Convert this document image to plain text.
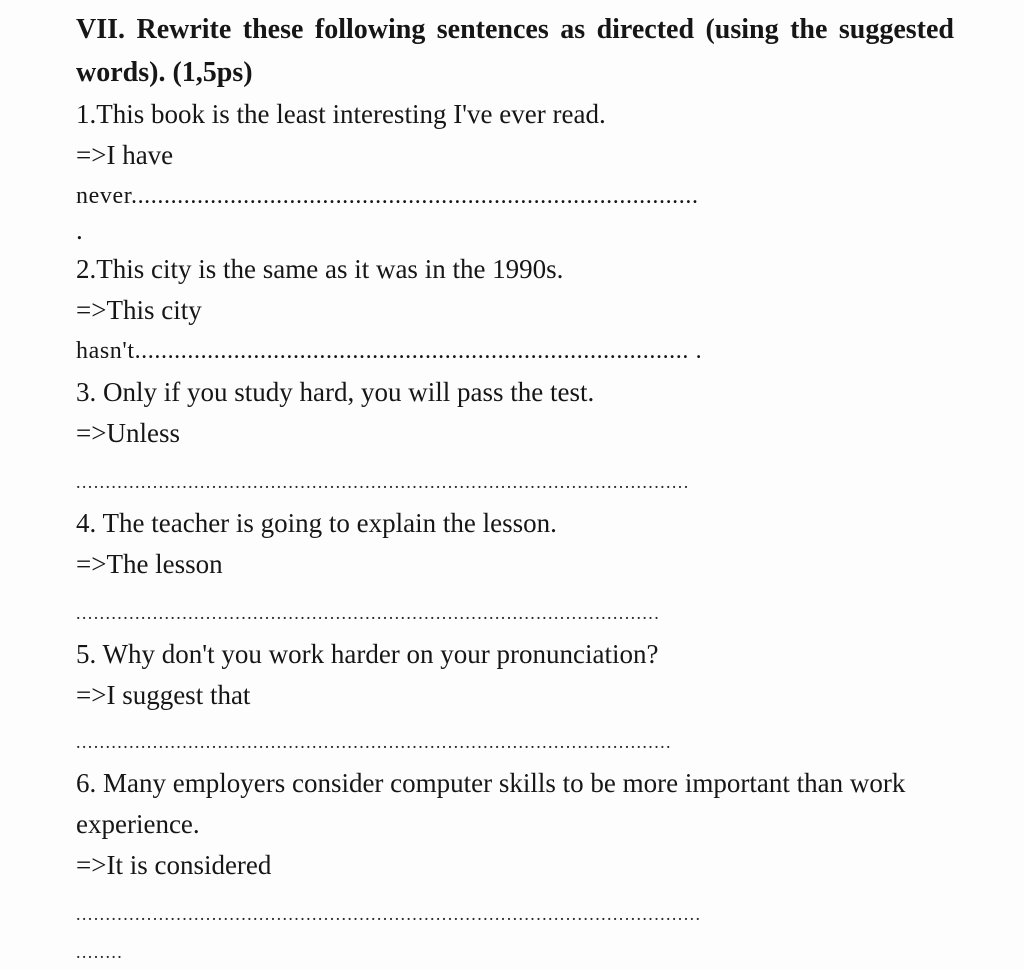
VII. Rewrite these following sentences as directed (using the suggested words). (1,5ps)

1.This book is the least interesting I've ever read.
=>I have
never......................................................................................
.
2.This city is the same as it was in the 1990s.
=>This city
hasn't.................................................................................... .
3. Only if you study hard, you will pass the test.
=>Unless
........................................................................................................
4. The teacher is going to explain the lesson.
=>The lesson
...................................................................................................
5. Why don't you work harder on your pronunciation?
=>I suggest that
.....................................................................................................
6. Many employers consider computer skills to be more important than work experience.
=>It is considered
..........................................................................................................
........
